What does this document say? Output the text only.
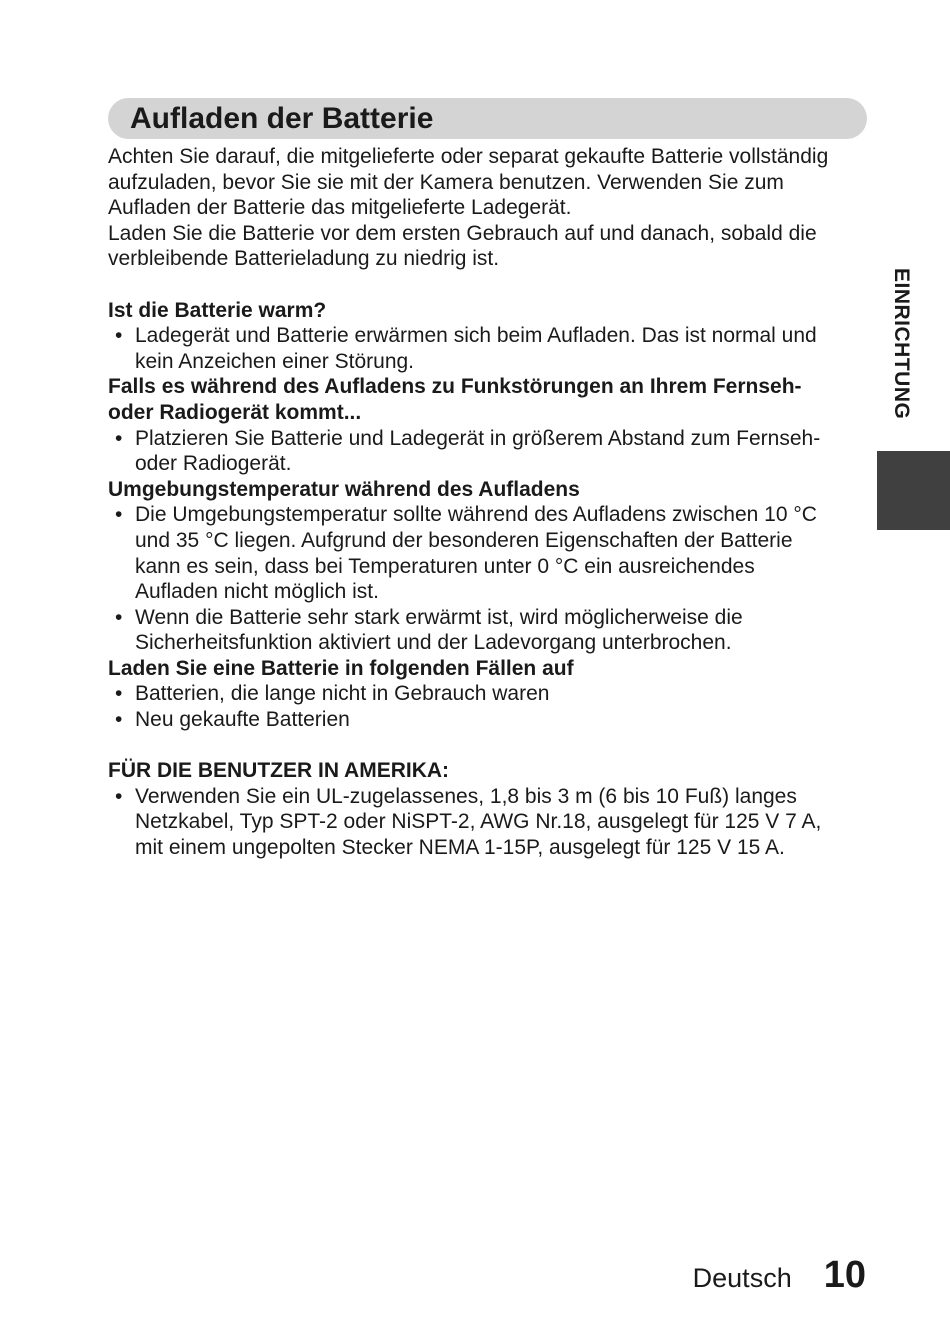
Aufladen der Batterie

Achten Sie darauf, die mitgelieferte oder separat gekaufte Batterie vollständig

aufzuladen, bevor Sie sie mit der Kamera benutzen. Verwenden Sie zum

Aufladen der Batterie das mitgelieferte Ladegerät.

Laden Sie die Batterie vor dem ersten Gebrauch auf und danach, sobald die

verbleibende Batterieladung zu niedrig ist.

Ist die Batterie warm?

• Ladegerät und Batterie erwärmen sich beim Aufladen. Das ist normal und

kein Anzeichen einer Störung.

Falls es während des Aufladens zu Funkstörungen an Ihrem Fernseh-

oder Radiogerät kommt...

• Platzieren Sie Batterie und Ladegerät in größerem Abstand zum Fernseh-

oder Radiogerät.

Umgebungstemperatur während des Aufladens

• Die Umgebungstemperatur sollte während des Aufladens zwischen 10 °C

und 35 °C liegen. Aufgrund der besonderen Eigenschaften der Batterie

kann es sein, dass bei Temperaturen unter 0 °C ein ausreichendes

Aufladen nicht möglich ist.

• Wenn die Batterie sehr stark erwärmt ist, wird möglicherweise die

Sicherheitsfunktion aktiviert und der Ladevorgang unterbrochen.

Laden Sie eine Batterie in folgenden Fällen auf

• Batterien, die lange nicht in Gebrauch waren

• Neu gekaufte Batterien

FÜR DIE BENUTZER IN AMERIKA:

• Verwenden Sie ein UL-zugelassenes, 1,8 bis 3 m (6 bis 10 Fuß) langes

Netzkabel, Typ SPT-2 oder NiSPT-2, AWG Nr.18, ausgelegt für 125 V 7 A,

mit einem ungepolten Stecker NEMA 1-15P, ausgelegt für 125 V 15 A.

EINRICHTUNG
Deutsch 10
